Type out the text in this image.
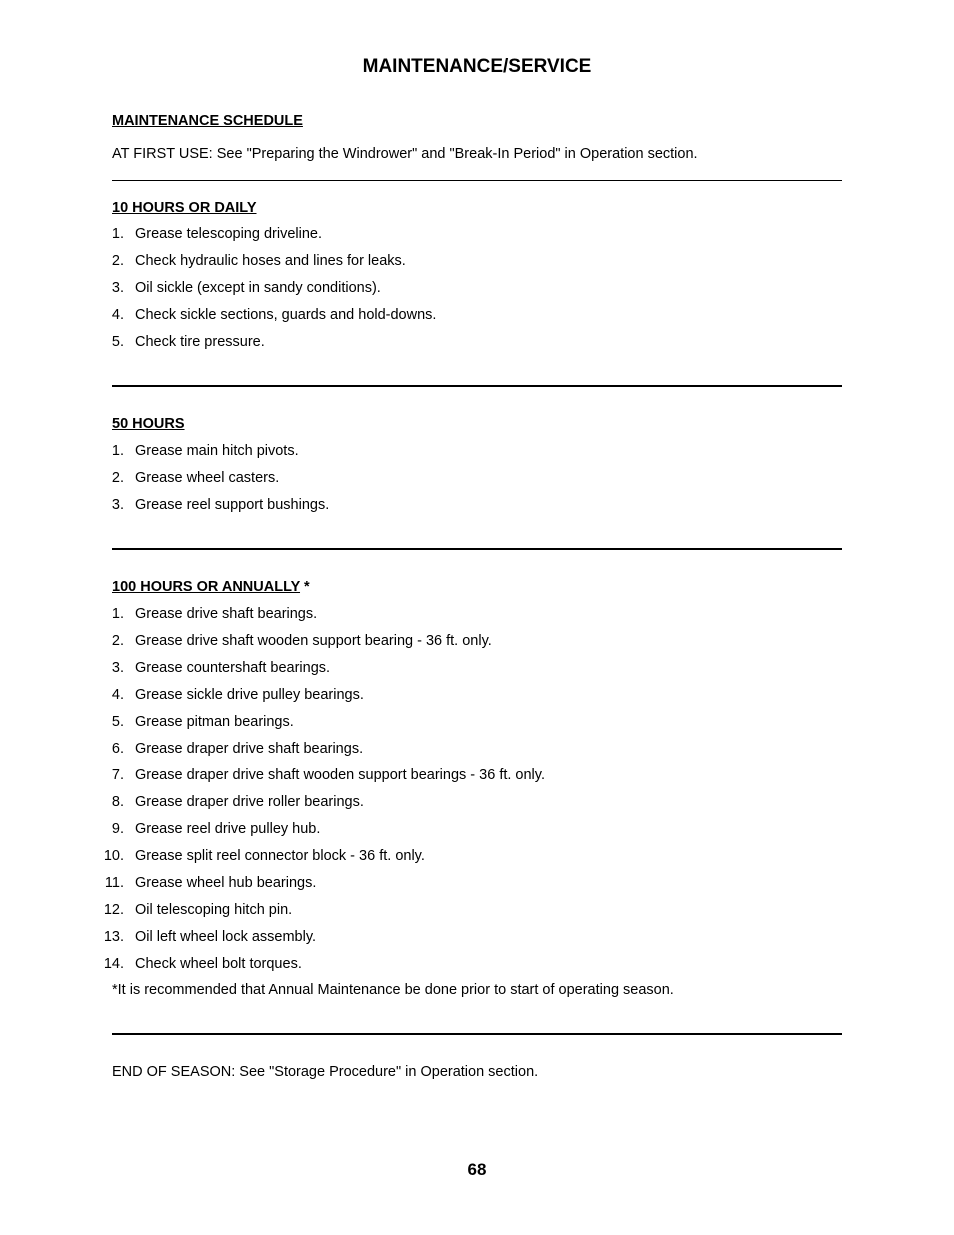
MAINTENANCE/SERVICE
MAINTENANCE SCHEDULE
AT FIRST USE: See "Preparing the Windrower" and "Break-In Period" in Operation section.
10 HOURS OR DAILY
1. Grease telescoping driveline.
2. Check hydraulic hoses and lines for leaks.
3. Oil sickle (except in sandy conditions).
4. Check sickle sections, guards and hold-downs.
5. Check tire pressure.
50 HOURS
1. Grease main hitch pivots.
2. Grease wheel casters.
3. Grease reel support bushings.
100 HOURS OR ANNUALLY *
1. Grease drive shaft bearings.
2. Grease drive shaft wooden support bearing - 36 ft. only.
3. Grease countershaft bearings.
4. Grease sickle drive pulley bearings.
5. Grease pitman bearings.
6. Grease draper drive shaft bearings.
7. Grease draper drive shaft wooden support bearings - 36 ft. only.
8. Grease draper drive roller bearings.
9. Grease reel drive pulley hub.
10. Grease split reel connector block - 36 ft. only.
11. Grease wheel hub bearings.
12. Oil telescoping hitch pin.
13. Oil left wheel lock assembly.
14. Check wheel bolt torques.
*It is recommended that Annual Maintenance be done prior to start of operating season.
END OF SEASON: See "Storage Procedure" in Operation section.
68
